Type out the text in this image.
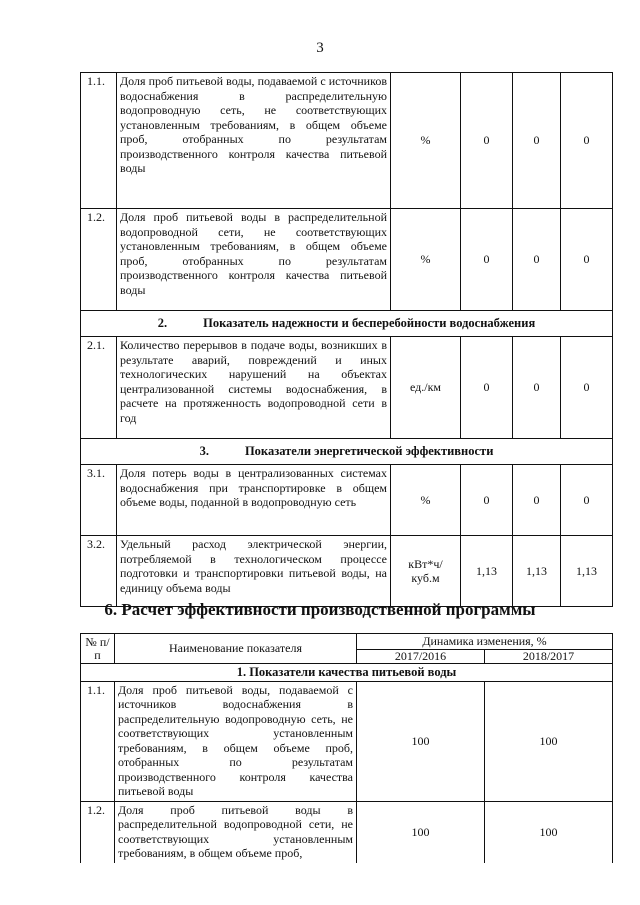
3
1.1.	Доля проб питьевой воды, подаваемой с источников водоснабжения в распределительную водопроводную сеть, не соответствующих установленным требованиям, в общем объеме проб, отобранных по результатам производственного контроля качества питьевой воды	%	0	0	0
1.2.	Доля проб питьевой воды в распределительной водопроводной сети, не соответствующих установленным требованиям, в общем объеме проб, отобранных по результатам производственного контроля качества питьевой воды	%	0	0	0
2. Показатель надежности и бесперебойности водоснабжения					
2.1.	Количество перерывов в подаче воды, возникших в результате аварий, повреждений и иных технологических нарушений на объектах централизованной системы водоснабжения, в расчете на протяженность водопроводной сети в год	ед./км	0	0	0
3. Показатели энергетической эффективности					
3.1.	Доля потерь воды в централизованных системах водоснабжения при транспортировке в общем объеме воды, поданной в водопроводную сеть	%	0	0	0
3.2.	Удельный расход электрической энергии, потребляемой в технологическом процессе подготовки и транспортировки питьевой воды, на единицу объема воды	кВт*ч/ куб.м	1,13	1,13	1,13
6. Расчет эффективности производственной программы
№ п/п	Наименование показателя	Динамика изменения, %	
		2017/2016	2018/2017
1. Показатели качества питьевой воды			
1.1.	Доля проб питьевой воды, подаваемой с источников водоснабжения в распределительную водопроводную сеть, не соответствующих установленным требованиям, в общем объеме проб, отобранных по результатам производственного контроля качества питьевой воды	100	100
1.2.	Доля проб питьевой воды в распределительной водопроводной сети, не соответствующих установленным требованиям, в общем объеме проб,	100	100
